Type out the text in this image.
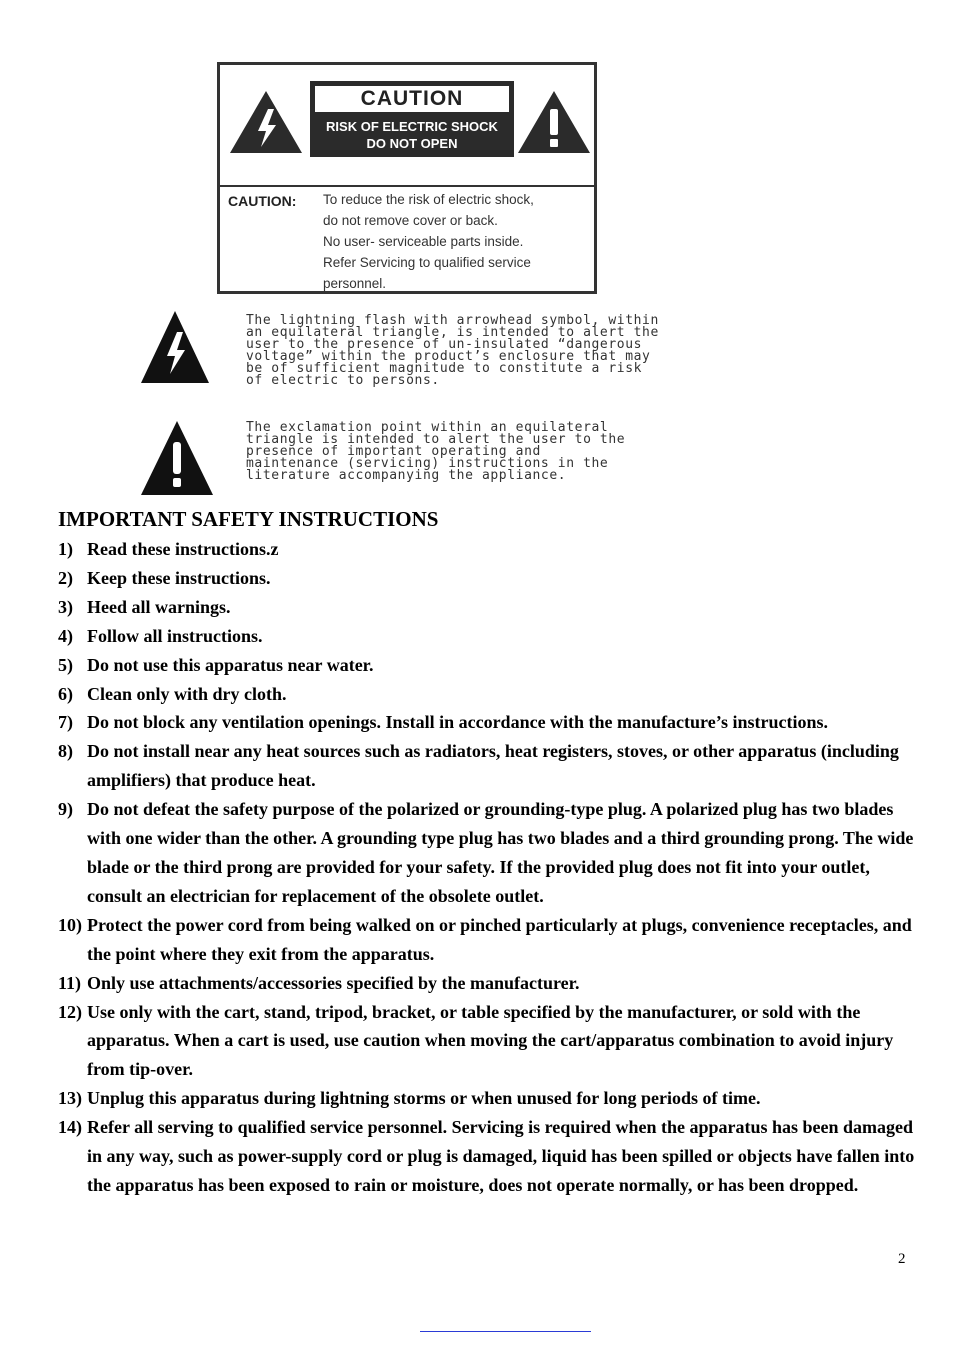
CAUTION
RISK OF ELECTRIC SHOCK
DO NOT OPEN
CAUTION: To reduce the risk of electric shock,
do not remove cover or back.
No user- serviceable parts inside.
Refer Servicing to qualified service
personnel.
The lightning flash with arrowhead symbol, within
an equilateral triangle, is intended to alert the
user to the presence of un-insulated “dangerous
voltage” within the product’s enclosure that may
be of sufficient magnitude to constitute a risk
of electric to persons.
The exclamation point within an equilateral
triangle is intended to alert the user to the
presence of important operating and
maintenance (servicing) instructions in the
literature accompanying the appliance.
IMPORTANT SAFETY INSTRUCTIONS
1) Read these instructions.z
2) Keep these instructions.
3) Heed all warnings.
4) Follow all instructions.
5) Do not use this apparatus near water.
6) Clean only with dry cloth.
7) Do not block any ventilation openings. Install in accordance with the manufacture’s instructions.
8) Do not install near any heat sources such as radiators, heat registers, stoves, or other apparatus (including amplifiers) that produce heat.
9) Do not defeat the safety purpose of the polarized or grounding-type plug. A polarized plug has two blades with one wider than the other. A grounding type plug has two blades and a third grounding prong. The wide blade or the third prong are provided for your safety. If the provided plug does not fit into your outlet, consult an electrician for replacement of the obsolete outlet.
10) Protect the power cord from being walked on or pinched particularly at plugs, convenience receptacles, and the point where they exit from the apparatus.
11) Only use attachments/accessories specified by the manufacturer.
12) Use only with the cart, stand, tripod, bracket, or table specified by the manufacturer, or sold with the apparatus. When a cart is used, use caution when moving the cart/apparatus combination to avoid injury from tip-over.
13) Unplug this apparatus during lightning storms or when unused for long periods of time.
14) Refer all serving to qualified service personnel. Servicing is required when the apparatus has been damaged in any way, such as power-supply cord or plug is damaged, liquid has been spilled or objects have fallen into the apparatus has been exposed to rain or moisture, does not operate normally, or has been dropped.
2
